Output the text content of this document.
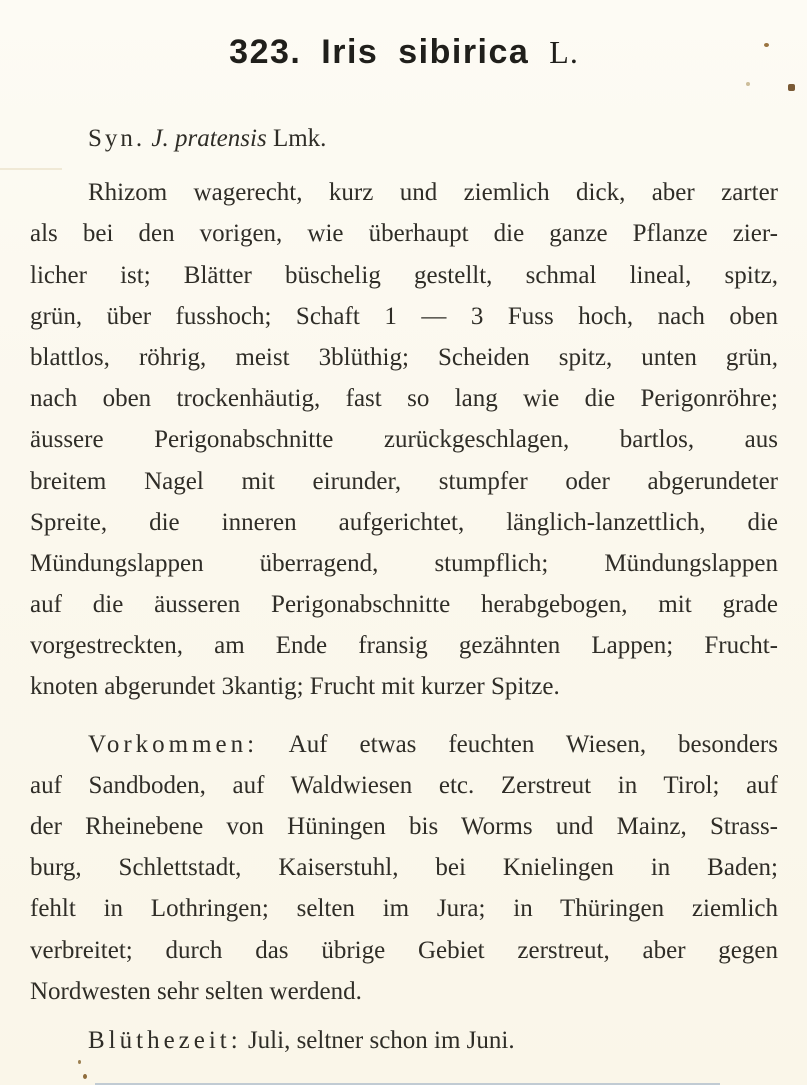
323. Iris sibirica L.

Syn. J. pratensis Lmk.

Rhizom wagerecht, kurz und ziemlich dick, aber zarter

als bei den vorigen, wie überhaupt die ganze Pflanze zier-

licher ist; Blätter büschelig gestellt, schmal lineal, spitz,

grün, über fusshoch; Schaft 1 — 3 Fuss hoch, nach oben

blattlos, röhrig, meist 3blüthig; Scheiden spitz, unten grün,

nach oben trockenhäutig, fast so lang wie die Perigonröhre;

äussere Perigonabschnitte zurückgeschlagen, bartlos, aus

breitem Nagel mit eirunder, stumpfer oder abgerundeter

Spreite, die inneren aufgerichtet, länglich-lanzettlich, die

Mündungslappen überragend, stumpflich; Mündungslappen

auf die äusseren Perigonabschnitte herabgebogen, mit grade

vorgestreckten, am Ende fransig gezähnten Lappen; Frucht-

knoten abgerundet 3kantig; Frucht mit kurzer Spitze.

Vorkommen: Auf etwas feuchten Wiesen, besonders

auf Sandboden, auf Waldwiesen etc. Zerstreut in Tirol; auf

der Rheinebene von Hüningen bis Worms und Mainz, Strass-

burg, Schlettstadt, Kaiserstuhl, bei Knielingen in Baden;

fehlt in Lothringen; selten im Jura; in Thüringen ziemlich

verbreitet; durch das übrige Gebiet zerstreut, aber gegen

Nordwesten sehr selten werdend.

Blüthezeit: Juli, seltner schon im Juni.
